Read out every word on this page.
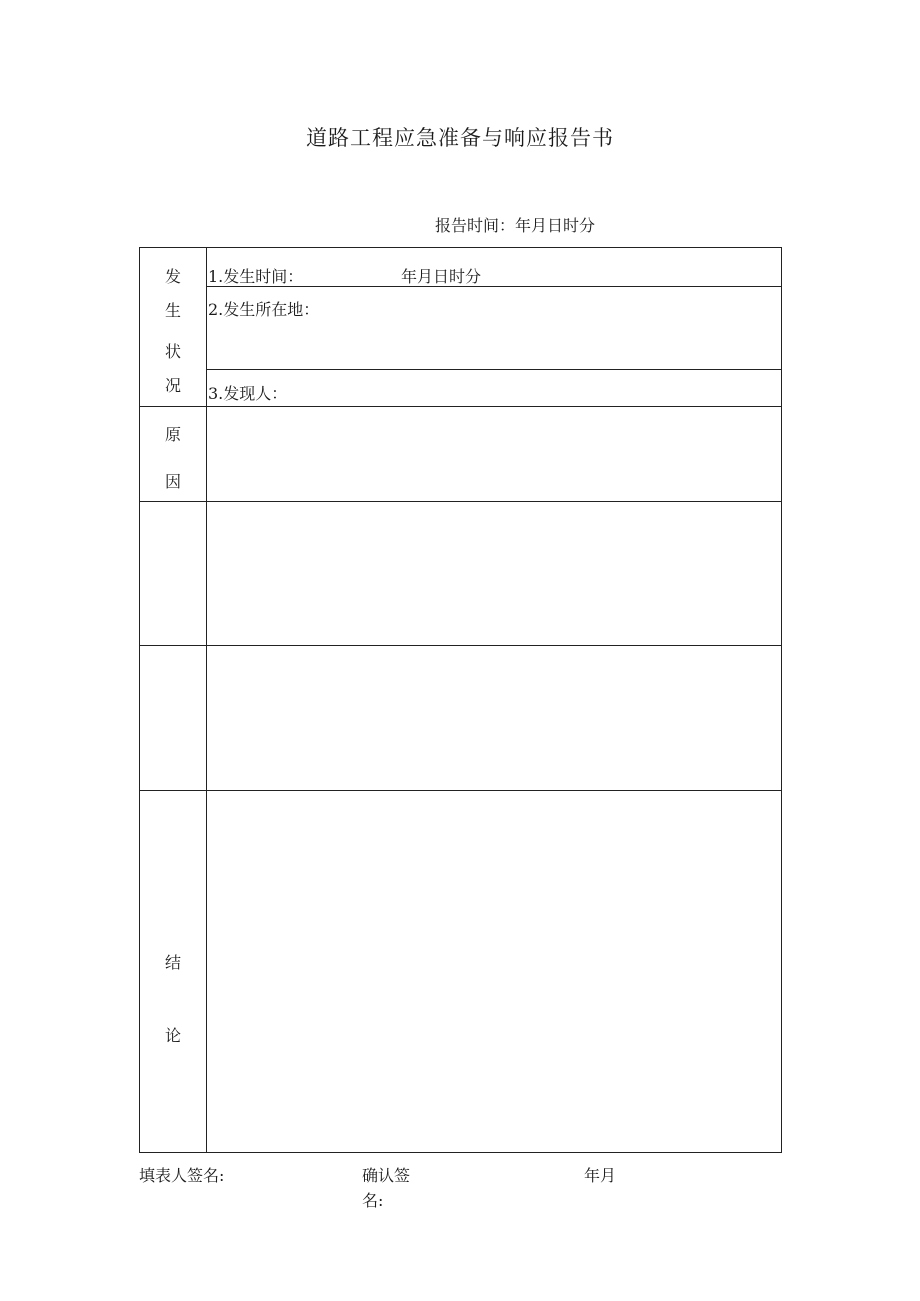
道路工程应急准备与响应报告书
报告时间：年月日时分
发
生
状
况
1.发生时间：	年月日时分
2.发生所在地：
3.发现人：
原
因
结
论
填表人签名:	确认签
名:
年月
